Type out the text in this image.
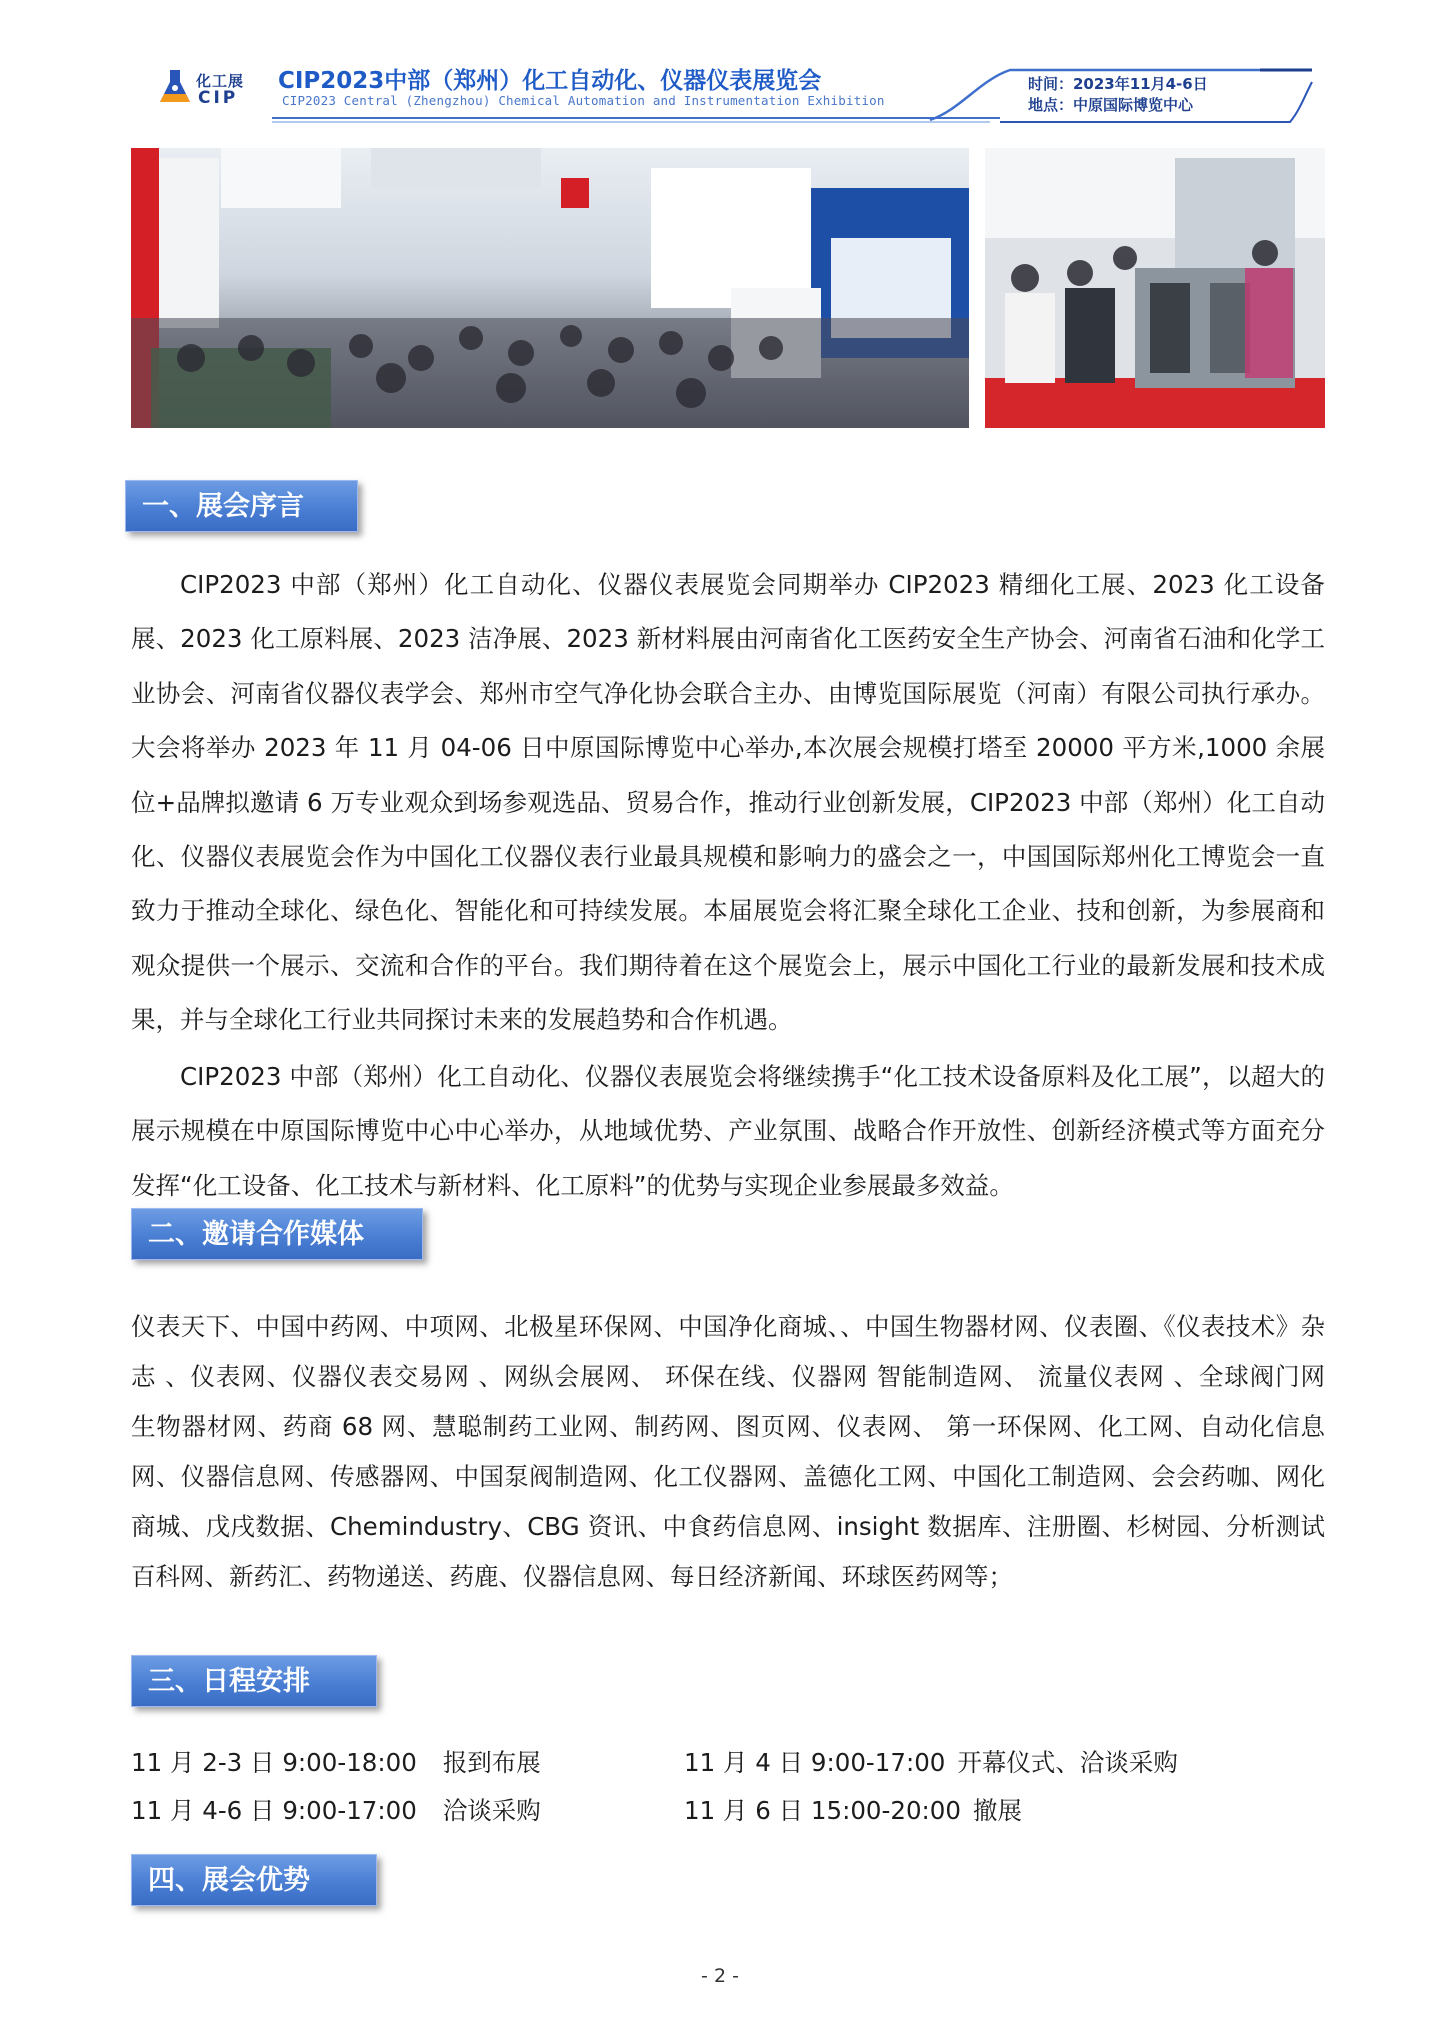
化工展
CIP
CIP2023中部（郑州）化工自动化、仪器仪表展览会
CIP2023 Central (Zhengzhou) Chemical Automation and Instrumentation Exhibition
时间：2023年11月4-6日
地点：中原国际博览中心
一、展会序言

CIP2023 中部（郑州）化工自动化、仪器仪表展览会同期举办 CIP2023 精细化工展、2023 化工设备展、2023 化工原料展、2023 洁净展、2023 新材料展由河南省化工医药安全生产协会、河南省石油和化学工业协会、河南省仪器仪表学会、郑州市空气净化协会联合主办、由博览国际展览（河南）有限公司执行承办。大会将举办 2023 年 11 月 04-06 日中原国际博览中心举办,本次展会规模打塔至 20000 平方米,1000 余展位+品牌拟邀请 6 万专业观众到场参观选品、贸易合作，推动行业创新发展，CIP2023 中部（郑州）化工自动化、仪器仪表展览会作为中国化工仪器仪表行业最具规模和影响力的盛会之一，中国国际郑州化工博览会一直致力于推动全球化、绿色化、智能化和可持续发展。本届展览会将汇聚全球化工企业、技和创新，为参展商和观众提供一个展示、交流和合作的平台。我们期待着在这个展览会上，展示中国化工行业的最新发展和技术成果，并与全球化工行业共同探讨未来的发展趋势和合作机遇。

CIP2023 中部（郑州）化工自动化、仪器仪表展览会将继续携手“化工技术设备原料及化工展”，以超大的展示规模在中原国际博览中心中心举办，从地域优势、产业氛围、战略合作开放性、创新经济模式等方面充分发挥“化工设备、化工技术与新材料、化工原料”的优势与实现企业参展最多效益。

二、邀请合作媒体

仪表天下、中国中药网、中项网、北极星环保网、中国净化商城、、中国生物器材网、仪表圈、《仪表技术》杂志 、仪表网、仪器仪表交易网 、网纵会展网、 环保在线、仪器网 智能制造网、 流量仪表网 、全球阀门网　生物器材网、药商 68 网、慧聪制药工业网、制药网、图页网、仪表网、 第一环保网、化工网、自动化信息网、仪器信息网、传感器网、中国泵阀制造网、化工仪器网、盖德化工网、中国化工制造网、会会药咖、网化商城、戊戌数据、Chemindustry、CBG 资讯、中食药信息网、insight 数据库、注册圈、杉树园、分析测试百科网、新药汇、药物递送、药鹿、仪器信息网、每日经济新闻、环球医药网等；

三、日程安排
11 月 2-3 日 9:00-18:00 报到布展	11 月 4 日 9:00-17:00 开幕仪式、洽谈采购
11 月 4-6 日 9:00-17:00 洽谈采购	11 月 6 日 15:00-20:00 撤展
四、展会优势
- 2 -
